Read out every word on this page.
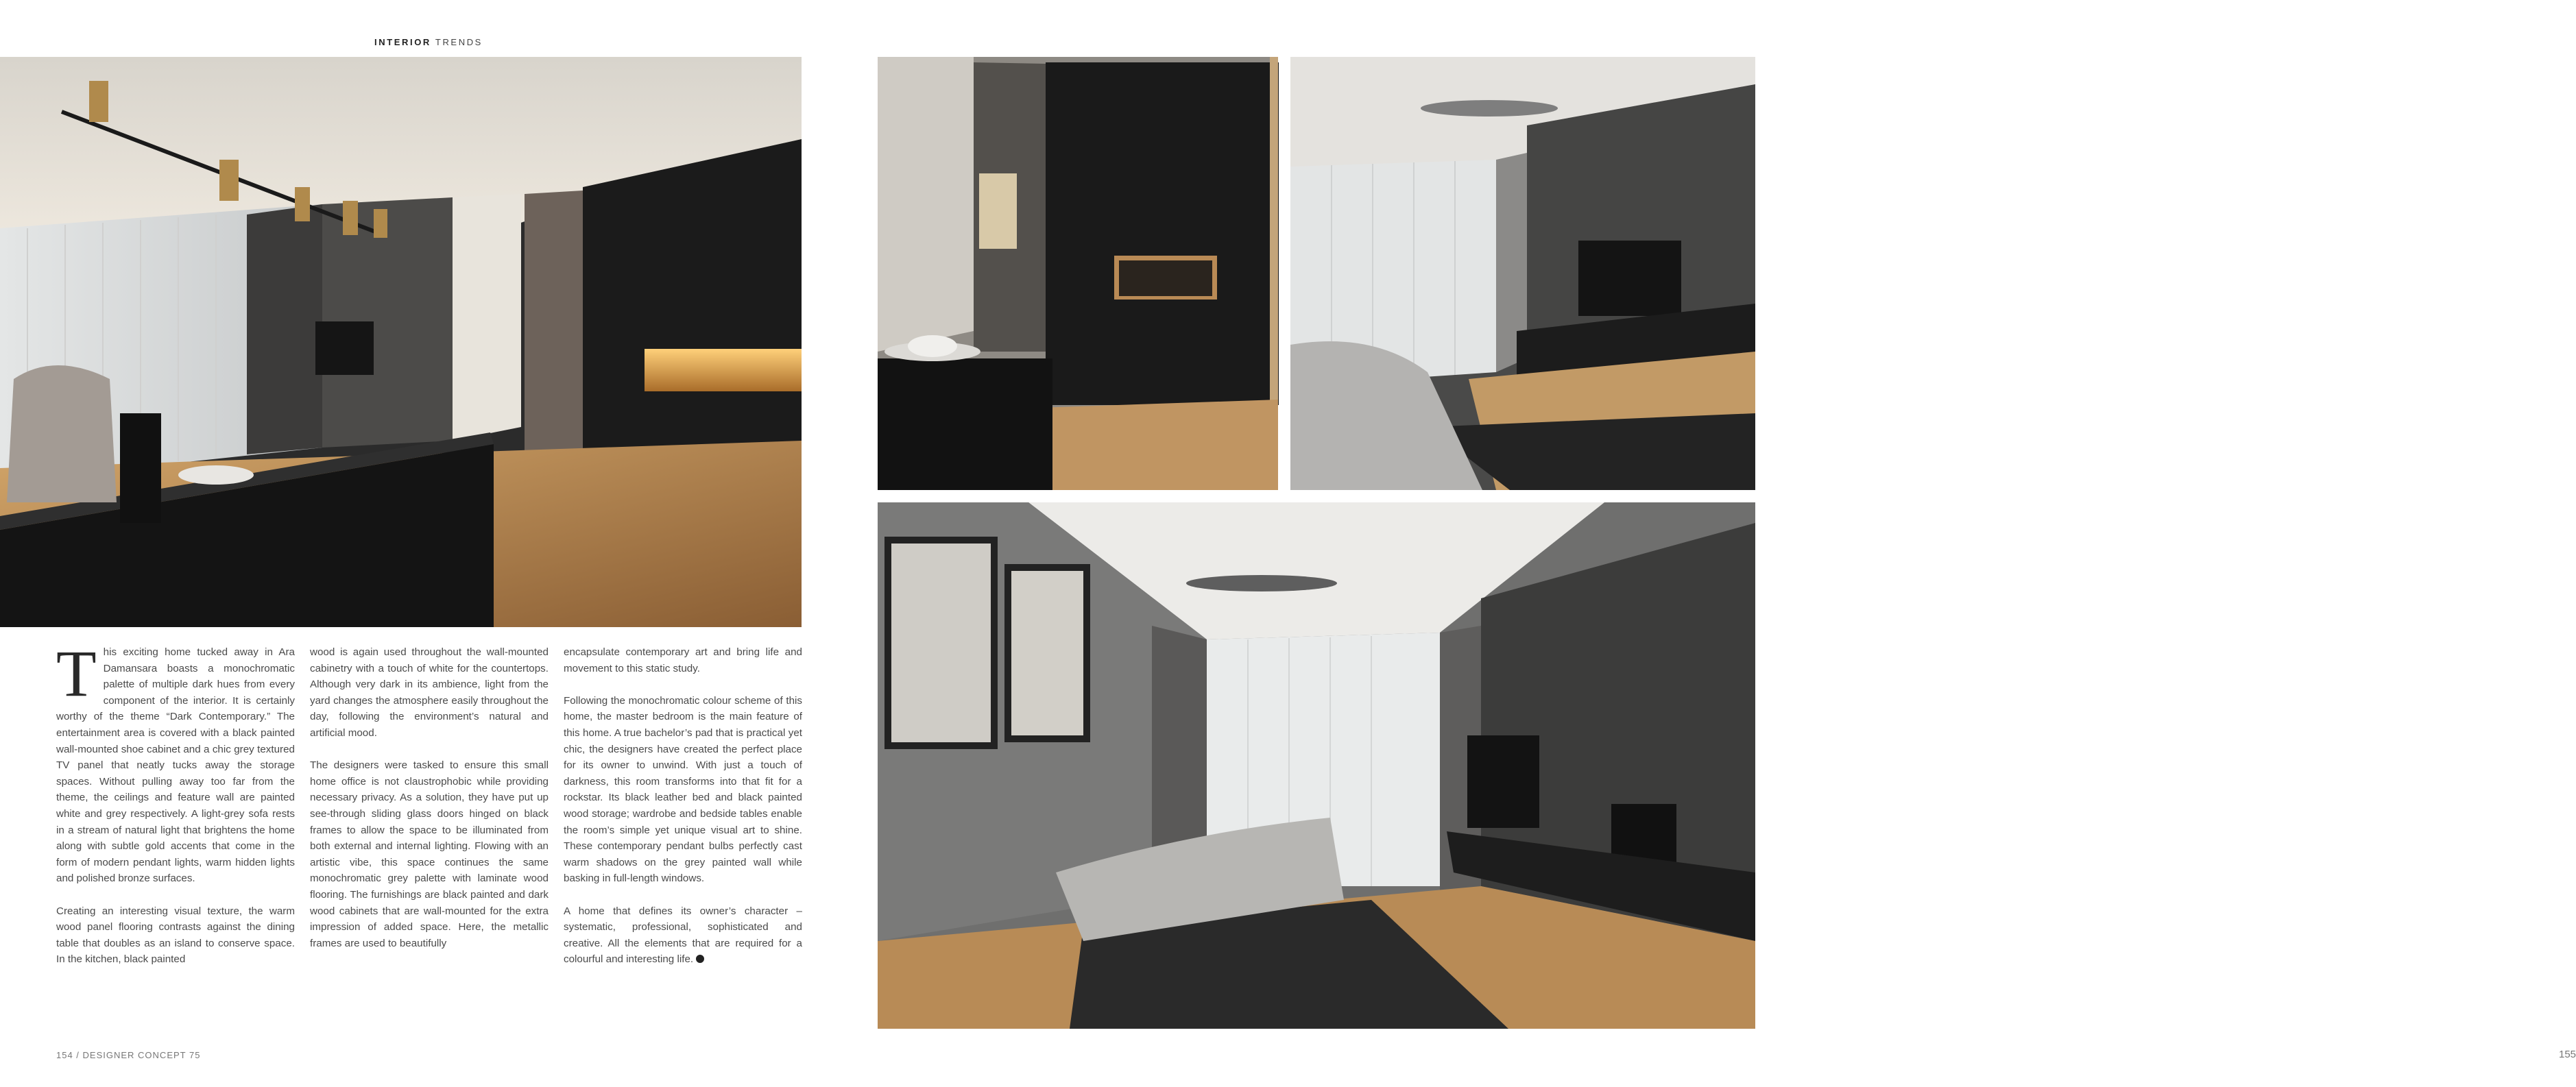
INTERIOR TRENDS

This exciting home tucked away in Ara Damansara boasts a monochromatic palette of multiple dark hues from every component of the interior. It is certainly worthy of the theme “Dark Contemporary.” The entertainment area is covered with a black painted wall-mounted shoe cabinet and a chic grey textured TV panel that neatly tucks away the storage spaces. Without pulling away too far from the theme, the ceilings and feature wall are painted white and grey respectively. A light-grey sofa rests in a stream of natural light that brightens the home along with subtle gold accents that come in the form of modern pendant lights, warm hidden lights and polished bronze surfaces.

Creating an interesting visual texture, the warm wood panel flooring contrasts against the dining table that doubles as an island to conserve space. In the kitchen, black painted

wood is again used throughout the wall-mounted cabinetry with a touch of white for the countertops. Although very dark in its ambience, light from the yard changes the atmosphere easily throughout the day, following the environment’s natural and artificial mood.

The designers were tasked to ensure this small home office is not claustrophobic while providing necessary privacy. As a solution, they have put up see-through sliding glass doors hinged on black frames to allow the space to be illuminated from both external and internal lighting. Flowing with an artistic vibe, this space continues the same monochromatic grey palette with laminate wood flooring. The furnishings are black painted and dark wood cabinets that are wall-mounted for the extra impression of added space. Here, the metallic frames are used to beautifully

encapsulate contemporary art and bring life and movement to this static study.

Following the monochromatic colour scheme of this home, the master bedroom is the main feature of this home. A true bachelor’s pad that is practical yet chic, the designers have created the perfect place for its owner to unwind. With just a touch of darkness, this room transforms into that fit for a rockstar. Its black leather bed and black painted wood storage; wardrobe and bedside tables enable the room’s simple yet unique visual art to shine. These contemporary pendant bulbs perfectly cast warm shadows on the grey painted wall while basking in full-length windows.

A home that defines its owner’s character – systematic, professional, sophisticated and creative. All the elements that are required for a colourful and interesting life.

154 / DESIGNER CONCEPT 75	155
